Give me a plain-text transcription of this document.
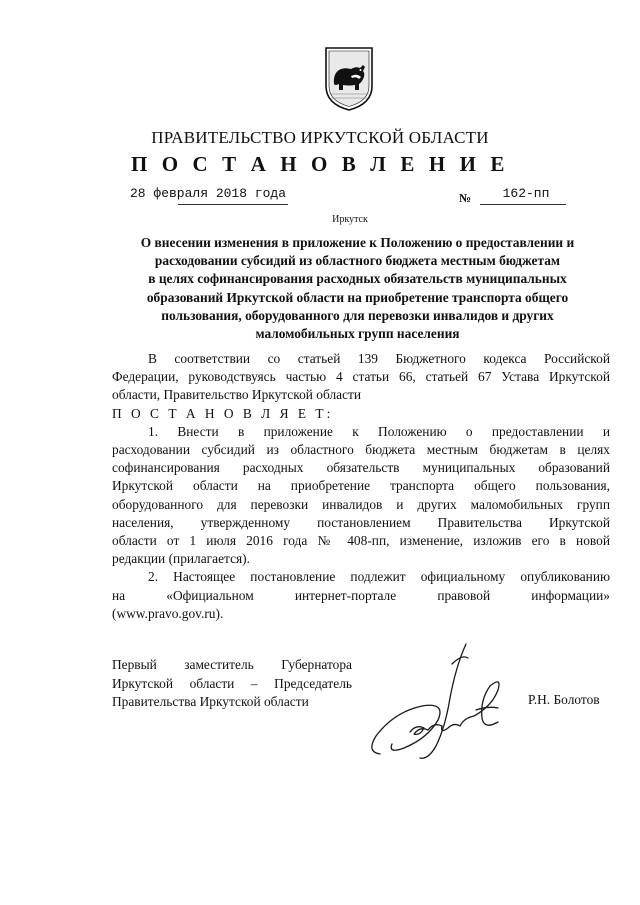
ПРАВИТЕЛЬСТВО ИРКУТСКОЙ ОБЛАСТИ
П О С Т А Н О В Л Е Н И Е
28 февраля 2018 года	№	162-пп
Иркутск
О внесении изменения в приложение к Положению о предоставлении и
расходовании субсидий из областного бюджета местным бюджетам
в целях софинансирования расходных обязательств муниципальных
образований Иркутской области на приобретение транспорта общего
пользования, оборудованного для перевозки инвалидов и других
маломобильных групп населения
В соответствии со статьей 139 Бюджетного кодекса Российской
Федерации, руководствуясь частью 4 статьи 66, статьей 67 Устава Иркутской
области, Правительство Иркутской области
П О С Т А Н О В Л Я Е Т:
1. Внести в приложение к Положению о предоставлении и
расходовании субсидий из областного бюджета местным бюджетам в целях
софинансирования расходных обязательств муниципальных образований
Иркутской области на приобретение транспорта общего пользования,
оборудованного для перевозки инвалидов и других маломобильных групп
населения, утвержденному постановлением Правительства Иркутской
области от 1 июля 2016 года № 408-пп, изменение, изложив его в новой
редакции (прилагается).
2. Настоящее постановление подлежит официальному опубликованию
на «Официальном интернет-портале правовой информации»
(www.pravo.gov.ru).
Первый заместитель Губернатора
Иркутской области – Председатель
Правительства Иркутской области	Р.Н. Болотов
